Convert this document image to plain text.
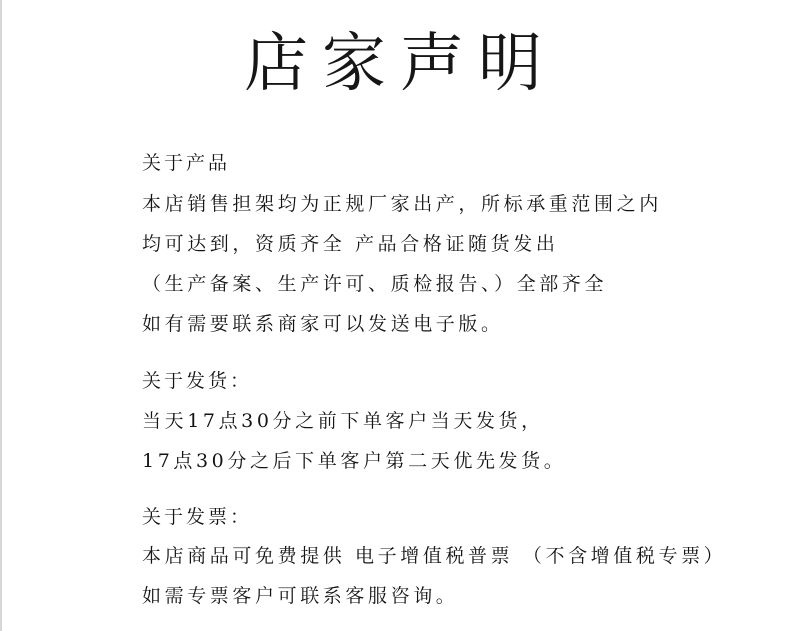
店家声明
关于产品
本店销售担架均为正规厂家出产，所标承重范围之内
均可达到，资质齐全 产品合格证随货发出
（生产备案、生产许可、质检报告、）全部齐全
如有需要联系商家可以发送电子版。
关于发货：
当天17点30分之前下单客户当天发货，
17点30分之后下单客户第二天优先发货。
关于发票：
本店商品可免费提供 电子增值税普票 （不含增值税专票）
如需专票客户可联系客服咨询。
